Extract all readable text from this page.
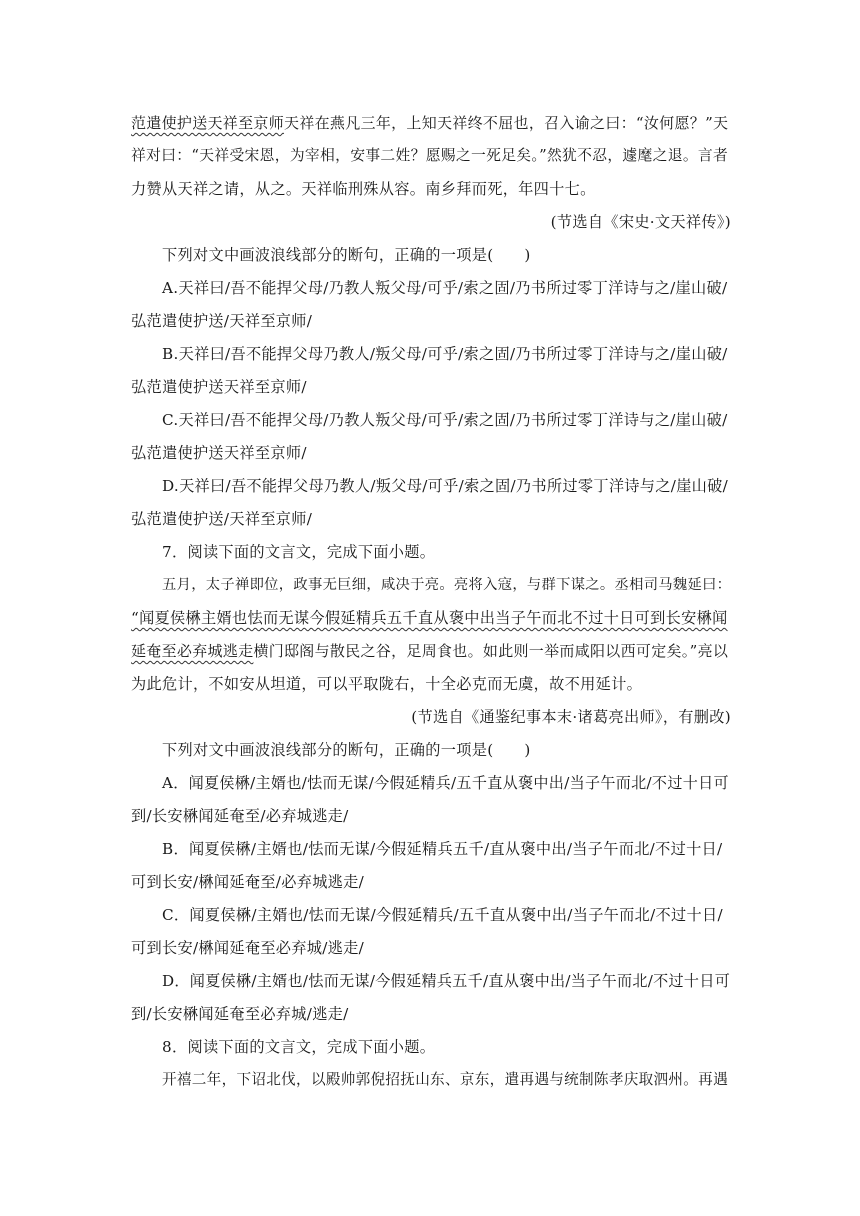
范遣使护送天祥至京师天祥在燕凡三年，上知天祥终不屈也，召入谕之曰：“汝何愿？”天
祥对曰：“天祥受宋恩，为宰相，安事二姓？愿赐之一死足矣。”然犹不忍，遽麾之退。言者
力赞从天祥之请，从之。天祥临刑殊从容。南乡拜而死，年四十七。
(节选自《宋史·文天祥传》)
下列对文中画波浪线部分的断句，正确的一项是(　　)
A.天祥曰/吾不能捍父母/乃教人叛父母/可乎/索之固/乃书所过零丁洋诗与之/崖山破/
弘范遣使护送/天祥至京师/
B.天祥曰/吾不能捍父母乃教人/叛父母/可乎/索之固/乃书所过零丁洋诗与之/崖山破/
弘范遣使护送天祥至京师/
C.天祥曰/吾不能捍父母/乃教人叛父母/可乎/索之固/乃书所过零丁洋诗与之/崖山破/
弘范遣使护送天祥至京师/
D.天祥曰/吾不能捍父母乃教人/叛父母/可乎/索之固/乃书所过零丁洋诗与之/崖山破/
弘范遣使护送/天祥至京师/
7．阅读下面的文言文，完成下面小题。
五月，太子禅即位，政事无巨细，咸决于亮。亮将入寇，与群下谋之。丞相司马魏延曰：
“闻夏侯楙主婿也怯而无谋今假延精兵五千直从褒中出当子午而北不过十日可到长安楙闻
延奄至必弃城逃走横门邸阁与散民之谷，足周食也。如此则一举而咸阳以西可定矣。”亮以
为此危计，不如安从坦道，可以平取陇右，十全必克而无虞，故不用延计。
(节选自《通鉴纪事本末·诸葛亮出师》，有删改)
下列对文中画波浪线部分的断句，正确的一项是(　　)
A．闻夏侯楙/主婿也/怯而无谋/今假延精兵/五千直从褒中出/当子午而北/不过十日可
到/长安楙闻延奄至/必弃城逃走/
B．闻夏侯楙/主婿也/怯而无谋/今假延精兵五千/直从褒中出/当子午而北/不过十日/
可到长安/楙闻延奄至/必弃城逃走/
C．闻夏侯楙/主婿也/怯而无谋/今假延精兵/五千直从褒中出/当子午而北/不过十日/
可到长安/楙闻延奄至必弃城/逃走/
D．闻夏侯楙/主婿也/怯而无谋/今假延精兵五千/直从褒中出/当子午而北/不过十日可
到/长安楙闻延奄至必弃城/逃走/
8．阅读下面的文言文，完成下面小题。
开禧二年，下诏北伐，以殿帅郭倪招抚山东、京东，遣再遇与统制陈孝庆取泗州。再遇
